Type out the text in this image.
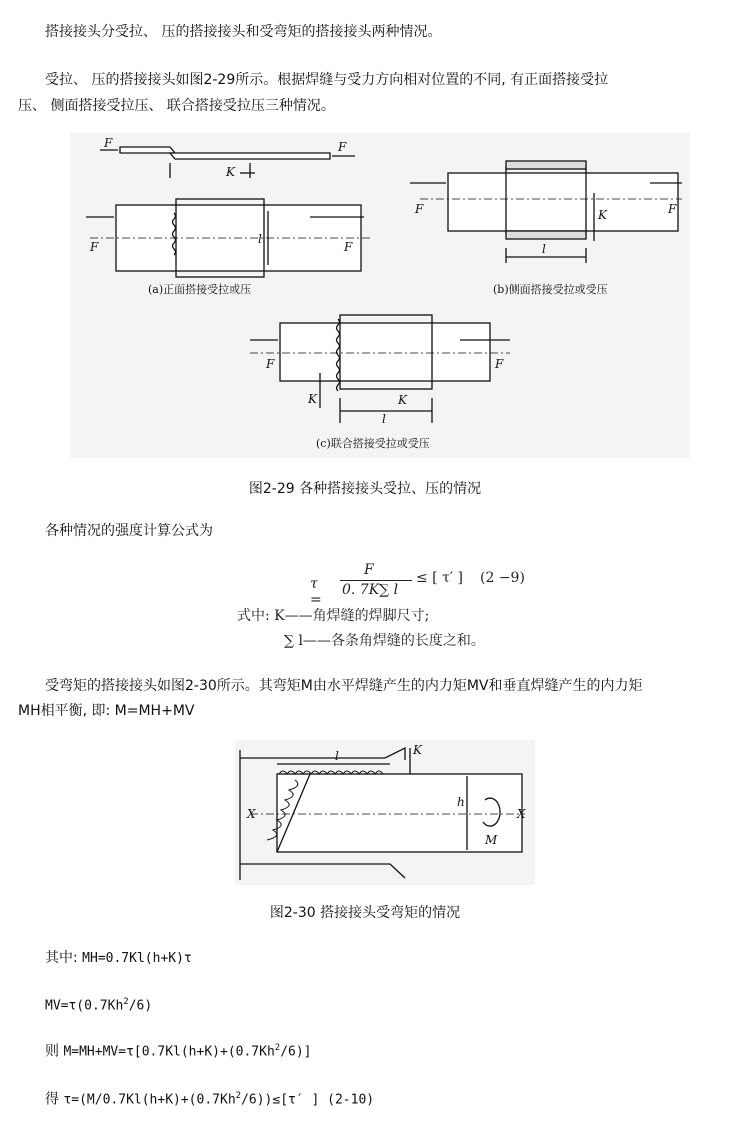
搭接接头分受拉、 压的搭接接头和受弯矩的搭接接头两种情况。

受拉、 压的搭接接头如图2-29所示。根据焊缝与受力方向相对位置的不同, 有正面搭接受拉

压、 侧面搭接受拉压、 联合搭接受拉压三种情况。

F	F
K
F	F
l
F	F
K
l
F	F
K	K
l
(a)正面搭接受拉或压	(b)侧面搭接受拉或受压
(c)联合搭接受拉或受压
图2-29 各种搭接接头受拉、压的情况

各种情况的强度计算公式为

τ =
F
0. 7K∑ l
≤ [ τ′ ] (2 −9)
式中: K——角焊缝的焊脚尺寸;
∑ l——各条角焊缝的长度之和。

受弯矩的搭接接头如图2-30所示。其弯矩M由水平焊缝产生的内力矩MV和垂直焊缝产生的内力矩

MH相平衡, 即: M=MH+MV

X	X
l	K
h
M
图2-30 搭接接头受弯矩的情况
其中: MH=0.7Kl(h+K)τ
$MV=\tau(0.7Kh^2/6)$
则 $M=MH+MV=\tau[0.7Kl(h+K)+(0.7Kh^2/6)]$
得 $\tau=(M/0.7Kl(h+K)+(0.7Kh^2/6))\le[\tau'$ ] (2-10)
